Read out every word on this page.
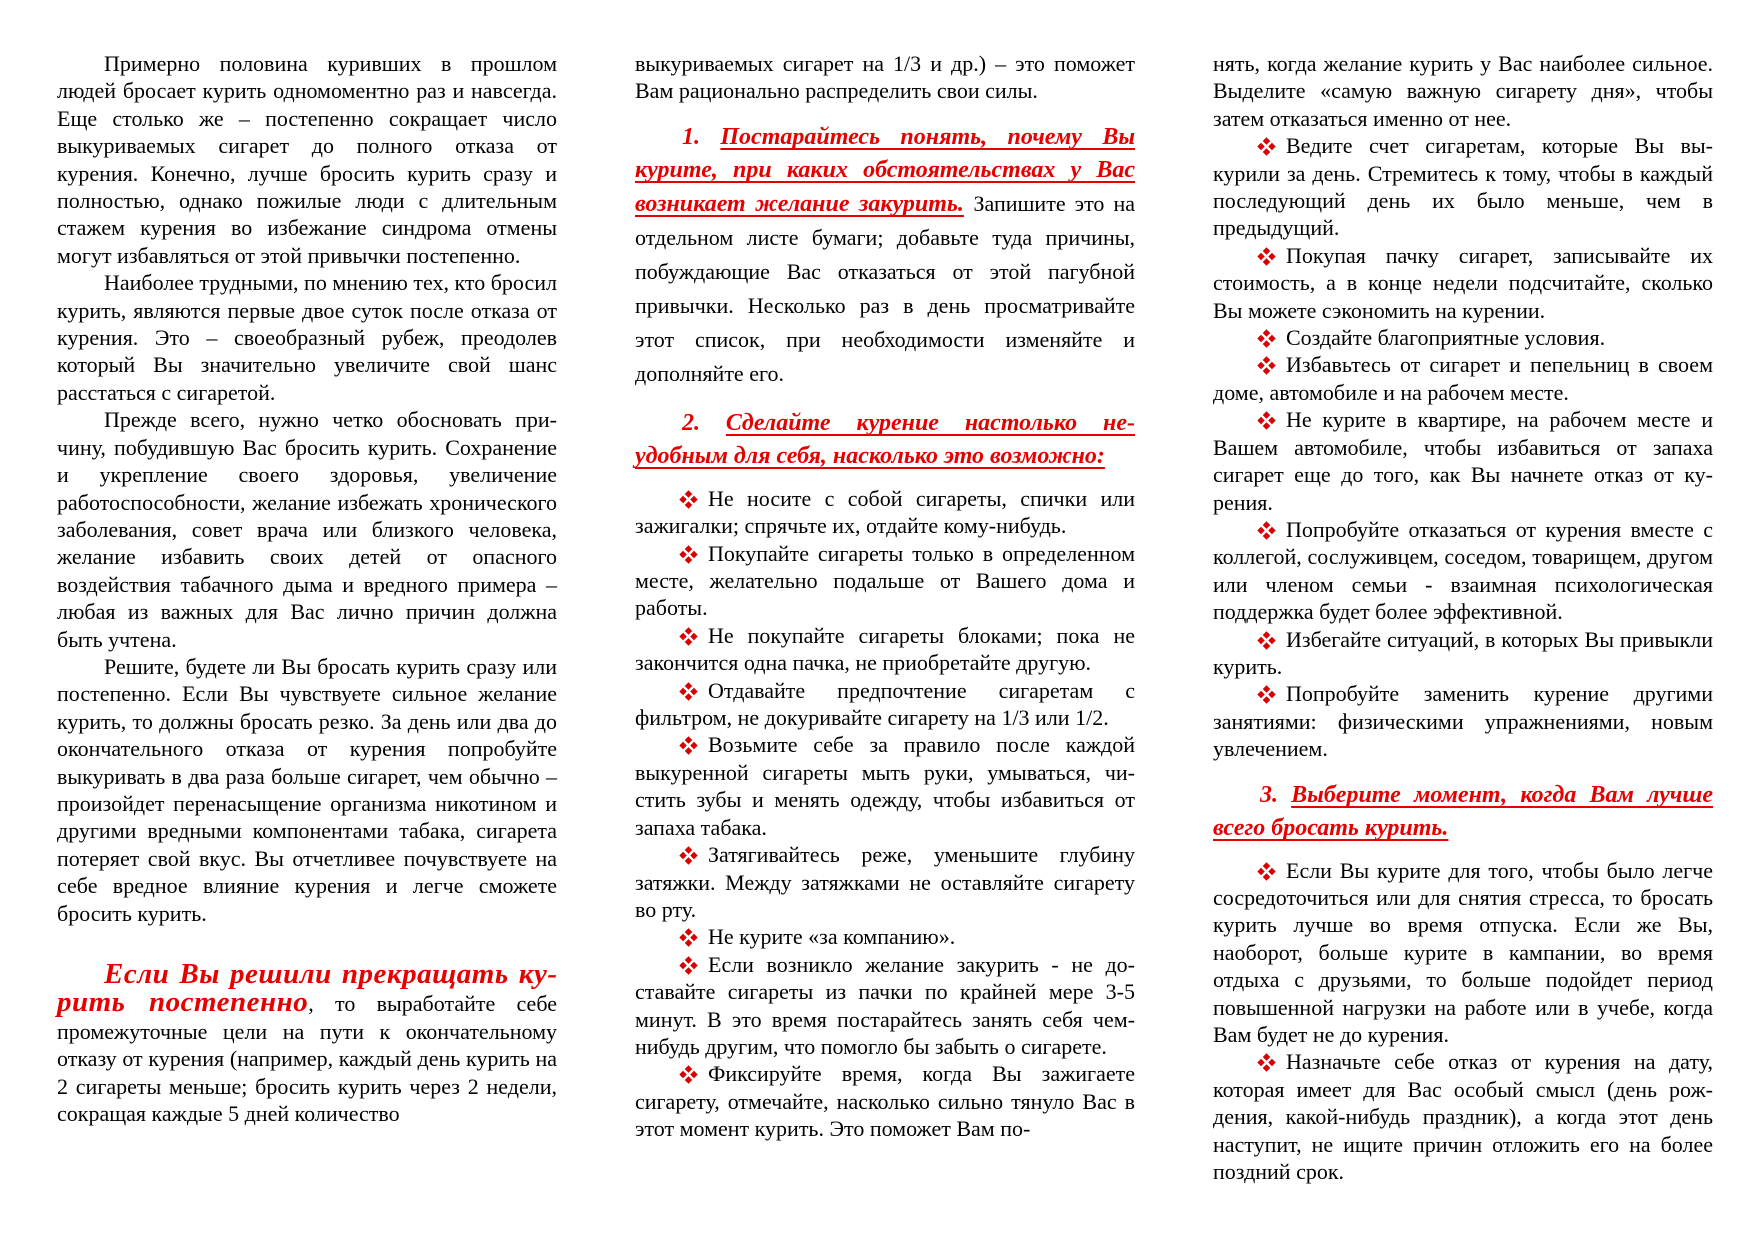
Примерно половина куривших в прошлом людей бросает курить одномоментно раз и навсегда. Еще столько же – постепенно сокращает число выкуриваемых сигарет до полного отказа от курения. Конечно, лучше бросить курить сразу и полностью, однако пожилые люди с длительным стажем курения во избежание синдрома отмены могут избавляться от этой привычки постепенно.

Наиболее трудными, по мнению тех, кто бросил курить, являются первые двое суток после отказа от курения. Это – своеобразный рубеж, преодолев который Вы значительно увеличите свой шанс расстаться с сигаретой.

Прежде всего, нужно четко обосновать причину, побудившую Вас бросить курить. Сохранение и укрепление своего здоровья, увеличение работоспособности, желание избежать хронического заболевания, совет врача или близкого человека, желание избавить своих детей от опасного воздействия табачного дыма и вредного примера – любая из важных для Вас лично причин должна быть учтена.

Решите, будете ли Вы бросать курить сразу или постепенно. Если Вы чувствуете сильное желание курить, то должны бросать резко. За день или два до окончательного отказа от курения попробуйте выкуривать в два раза больше сигарет, чем обычно – произойдет перенасыщение организма никотином и другими вредными компонентами табака, сигарета потеряет свой вкус. Вы отчетливее почувствуете на себе вредное влияние курения и легче сможете бросить курить.

Если Вы решили прекращать курить постепенно, то выработайте себе промежуточные цели на пути к окончательному отказу от курения (например, каждый день курить на 2 сигареты меньше; бросить курить через 2 недели, сокращая каждые 5 дней количество

выкуриваемых сигарет на 1/3 и др.) – это поможет Вам рационально распределить свои силы.

1. Постарайтесь понять, почему Вы курите, при каких обстоятельствах у Вас возникает желание закурить. Запишите это на отдельном листе бумаги; добавьте туда причины, побуждающие Вас отказаться от этой пагубной привычки. Несколько раз в день просматривайте этот список, при необходимости изменяйте и дополняйте его.

2. Сделайте курение настолько неудобным для себя, насколько это возможно:

Не носите с собой сигареты, спички или зажигалки; спрячьте их, отдайте кому-нибудь.

Покупайте сигареты только в определенном месте, желательно подальше от Вашего дома и работы.

Не покупайте сигареты блоками; пока не закончится одна пачка, не приобретайте другую.

Отдавайте предпочтение сигаретам с фильтром, не докуривайте сигарету на 1/3 или 1/2.

Возьмите себе за правило после каждой выкуренной сигареты мыть руки, умываться, чистить зубы и менять одежду, чтобы избавиться от запаха табака.

Затягивайтесь реже, уменьшите глубину затяжки. Между затяжками не оставляйте сигарету во рту.

Не курите «за компанию».

Если возникло желание закурить - не доставайте сигареты из пачки по крайней мере 3-5 минут. В это время постарайтесь занять себя чем-нибудь другим, что помогло бы забыть о сигарете.

Фиксируйте время, когда Вы зажигаете сигарету, отмечайте, насколько сильно тянуло Вас в этот момент курить. Это поможет Вам по-

нять, когда желание курить у Вас наиболее сильное. Выделите «самую важную сигарету дня», чтобы затем отказаться именно от нее.

Ведите счет сигаретам, которые Вы выкурили за день. Стремитесь к тому, чтобы в каждый последующий день их было меньше, чем в предыдущий.

Покупая пачку сигарет, записывайте их стоимость, а в конце недели подсчитайте, сколько Вы можете сэкономить на курении.

Создайте благоприятные условия.

Избавьтесь от сигарет и пепельниц в своем доме, автомобиле и на рабочем месте.

Не курите в квартире, на рабочем месте и Вашем автомобиле, чтобы избавиться от запаха сигарет еще до того, как Вы начнете отказ от курения.

Попробуйте отказаться от курения вместе с коллегой, сослуживцем, соседом, товарищем, другом или членом семьи - взаимная психологическая поддержка будет более эффективной.

Избегайте ситуаций, в которых Вы привыкли курить.

Попробуйте заменить курение другими занятиями: физическими упражнениями, новым увлечением.

3. Выберите момент, когда Вам лучше всего бросать курить.

Если Вы курите для того, чтобы было легче сосредоточиться или для снятия стресса, то бросать курить лучше во время отпуска. Если же Вы, наоборот, больше курите в кампании, во время отдыха с друзьями, то больше подойдет период повышенной нагрузки на работе или в учебе, когда Вам будет не до курения.

Назначьте себе отказ от курения на дату, которая имеет для Вас особый смысл (день рождения, какой-нибудь праздник), а когда этот день наступит, не ищите причин отложить его на более поздний срок.
